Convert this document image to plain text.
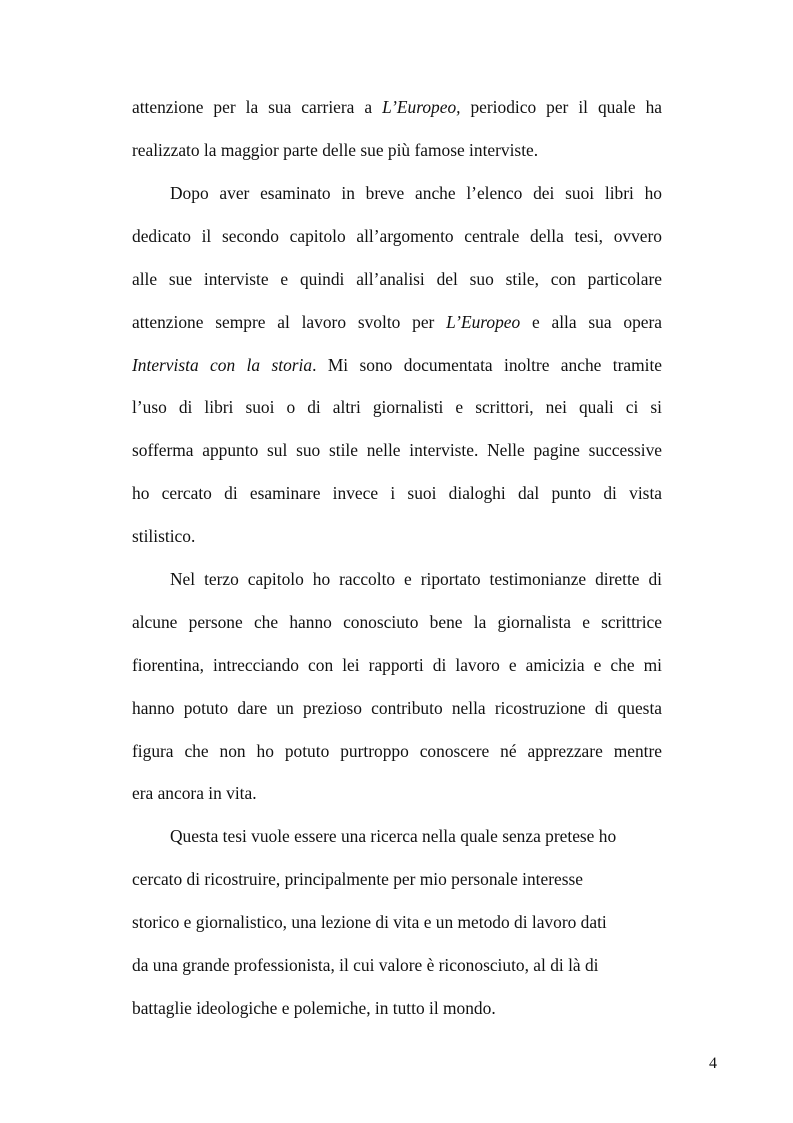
attenzione per la sua carriera a L’Europeo, periodico per il quale ha
realizzato la maggior parte delle sue più famose interviste.
Dopo aver esaminato in breve anche l’elenco dei suoi libri ho
dedicato il secondo capitolo all’argomento centrale della tesi, ovvero
alle sue interviste e quindi all’analisi del suo stile, con particolare
attenzione sempre al lavoro svolto per L’Europeo e alla sua opera
Intervista con la storia. Mi sono documentata inoltre anche tramite
l’uso di libri suoi o di altri giornalisti e scrittori, nei quali ci si
sofferma appunto sul suo stile nelle interviste. Nelle pagine successive
ho cercato di esaminare invece i suoi dialoghi dal punto di vista
stilistico.
Nel terzo capitolo ho raccolto e riportato testimonianze dirette di
alcune persone che hanno conosciuto bene la giornalista e scrittrice
fiorentina, intrecciando con lei rapporti di lavoro e amicizia e che mi
hanno potuto dare un prezioso contributo nella ricostruzione di questa
figura che non ho potuto purtroppo conoscere né apprezzare mentre
era ancora in vita.
Questa tesi vuole essere una ricerca nella quale senza pretese ho
cercato di ricostruire, principalmente per mio personale interesse
storico e giornalistico, una lezione di vita e un metodo di lavoro dati
da una grande professionista, il cui valore è riconosciuto, al di là di
battaglie ideologiche e polemiche, in tutto il mondo.
4
